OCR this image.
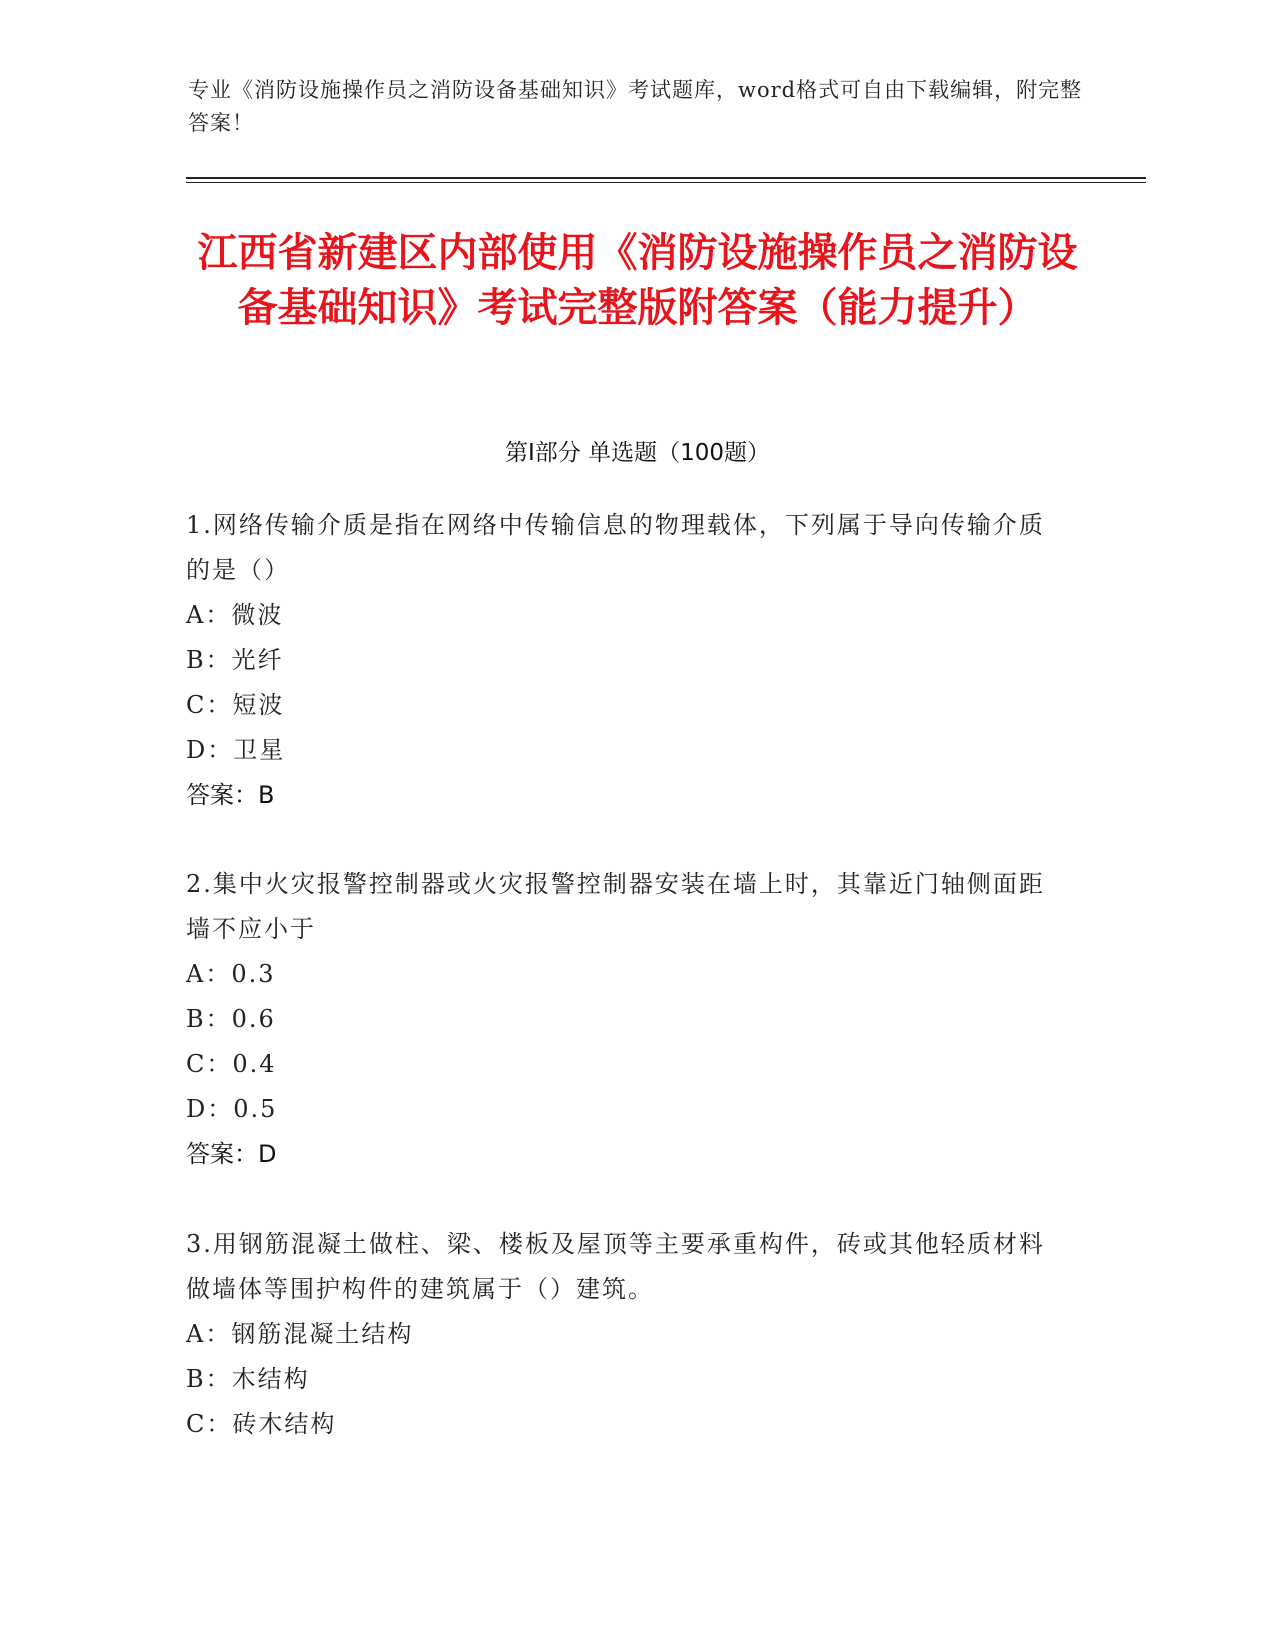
专业《消防设施操作员之消防设备基础知识》考试题库，word格式可自由下载编辑，附完整答案！
江西省新建区内部使用《消防设施操作员之消防设备基础知识》考试完整版附答案（能力提升）
第I部分 单选题（100题）
1.网络传输介质是指在网络中传输信息的物理载体，下列属于导向传输介质的是（）
A：微波
B：光纤
C：短波
D：卫星
答案：B
2.集中火灾报警控制器或火灾报警控制器安装在墙上时，其靠近门轴侧面距墙不应小于
A：0.3
B：0.6
C：0.4
D：0.5
答案：D
3.用钢筋混凝土做柱、梁、楼板及屋顶等主要承重构件，砖或其他轻质材料做墙体等围护构件的建筑属于（）建筑。
A：钢筋混凝土结构
B：木结构
C：砖木结构
